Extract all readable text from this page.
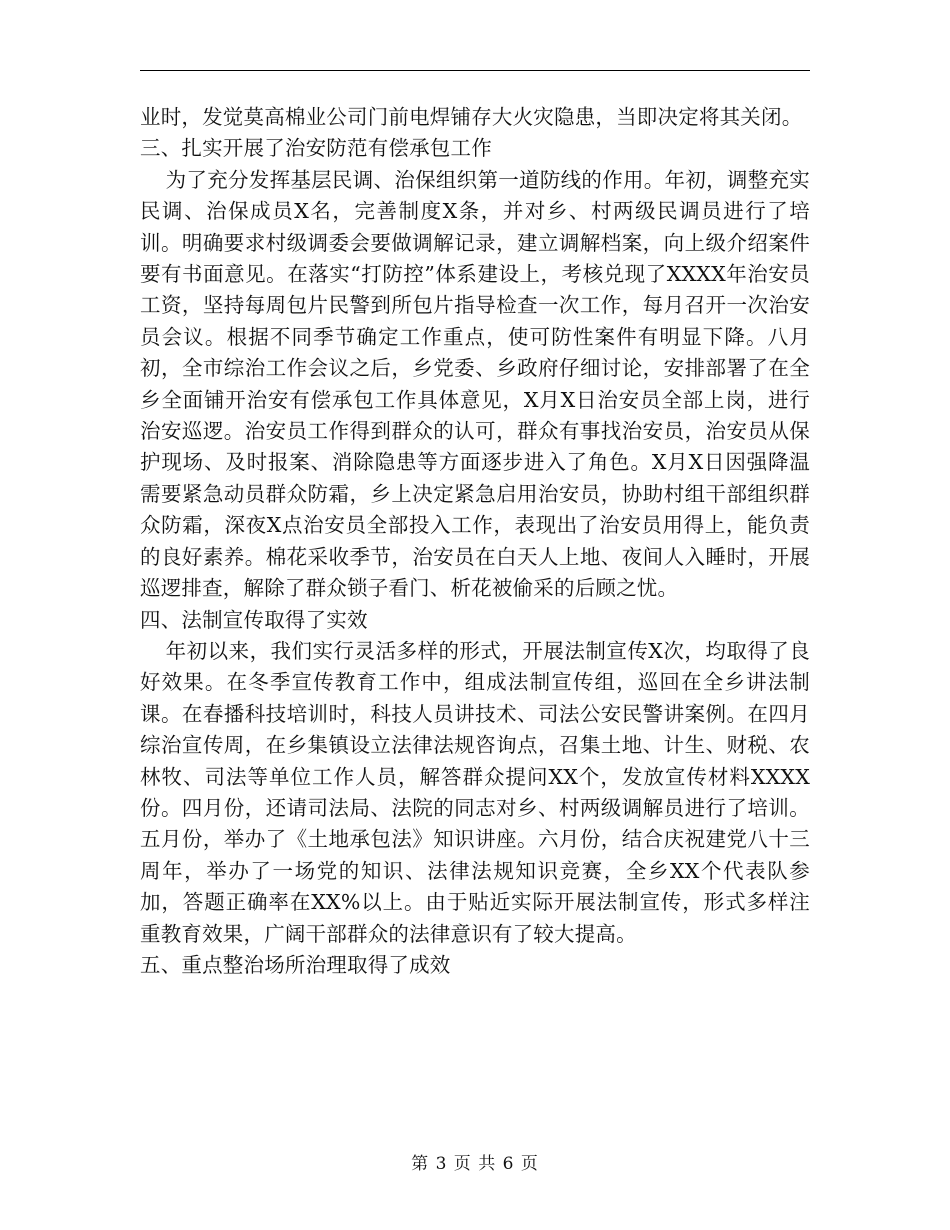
业时，发觉莫高棉业公司门前电焊铺存大火灾隐患，当即决定将其关闭。

三、扎实开展了治安防范有偿承包工作

为了充分发挥基层民调、治保组织第一道防线的作用。年初，调整充实民调、治保成员X名，完善制度X条，并对乡、村两级民调员进行了培训。明确要求村级调委会要做调解记录，建立调解档案，向上级介绍案件要有书面意见。在落实“打防控”体系建设上，考核兑现了XXXX年治安员工资，坚持每周包片民警到所包片指导检查一次工作，每月召开一次治安员会议。根据不同季节确定工作重点，使可防性案件有明显下降。八月初，全市综治工作会议之后，乡党委、乡政府仔细讨论，安排部署了在全乡全面铺开治安有偿承包工作具体意见，X月X日治安员全部上岗，进行治安巡逻。治安员工作得到群众的认可，群众有事找治安员，治安员从保护现场、及时报案、消除隐患等方面逐步进入了角色。X月X日因强降温需要紧急动员群众防霜，乡上决定紧急启用治安员，协助村组干部组织群众防霜，深夜X点治安员全部投入工作，表现出了治安员用得上，能负责的良好素养。棉花采收季节，治安员在白天人上地、夜间人入睡时，开展巡逻排查，解除了群众锁子看门、析花被偷采的后顾之忧。

四、法制宣传取得了实效

年初以来，我们实行灵活多样的形式，开展法制宣传X次，均取得了良好效果。在冬季宣传教育工作中，组成法制宣传组，巡回在全乡讲法制课。在春播科技培训时，科技人员讲技术、司法公安民警讲案例。在四月综治宣传周，在乡集镇设立法律法规咨询点，召集土地、计生、财税、农林牧、司法等单位工作人员，解答群众提问XX个，发放宣传材料XXXX份。四月份，还请司法局、法院的同志对乡、村两级调解员进行了培训。五月份，举办了《土地承包法》知识讲座。六月份，结合庆祝建党八十三周年，举办了一场党的知识、法律法规知识竞赛，全乡XX个代表队参加，答题正确率在XX%以上。由于贴近实际开展法制宣传，形式多样注重教育效果，广阔干部群众的法律意识有了较大提高。

五、重点整治场所治理取得了成效

第 3 页 共 6 页
